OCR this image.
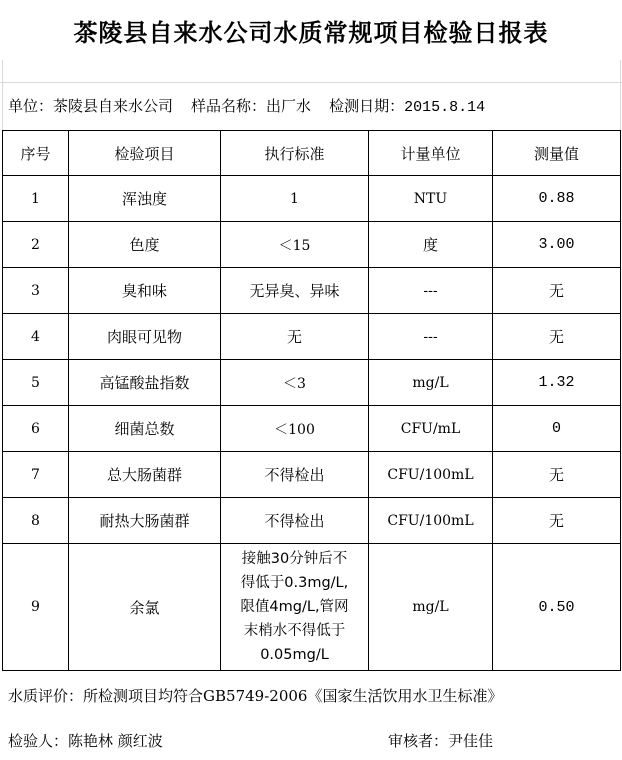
茶陵县自来水公司水质常规项目检验日报表
单位：茶陵县自来水公司 样品名称：出厂水 检测日期：2015.8.14
序号	检验项目	执行标准	计量单位	测量值
1	浑浊度	1	NTU	0.88
2	色度	＜15	度	3.00
3	臭和味	无异臭、异味	---	无
4	肉眼可见物	无	---	无
5	高锰酸盐指数	＜3	mg/L	1.32
6	细菌总数	＜100	CFU/mL	0
7	总大肠菌群	不得检出	CFU/100mL	无
8	耐热大肠菌群	不得检出	CFU/100mL	无
9	余氯	接触30分钟后不
得低于0.3mg/L,
限值4mg/L,管网
末梢水不得低于
0.05mg/L	mg/L	0.50
水质评价：所检测项目均符合GB5749-2006《国家生活饮用水卫生标准》
检验人：陈艳林 颜红波	审核者：尹佳佳
